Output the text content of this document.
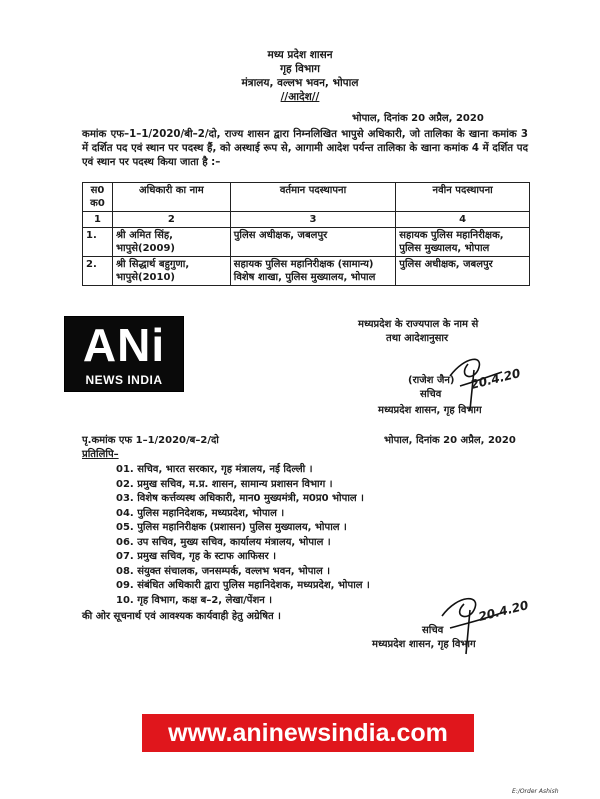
मध्य प्रदेश शासन
गृह विभाग
मंत्रालय, वल्लभ भवन, भोपाल
//आदेश//
भोपाल, दिनांक 20 अप्रैल, 2020
कमांक एफ–1–1/2020/बी–2/दो, राज्य शासन द्वारा निम्नलिखित भापुसे अधिकारी, जो तालिका के खाना कमांक 3 में दर्शित पद एवं स्थान पर पदस्थ हैं, को अस्थाई रूप से, आगामी आदेश पर्यन्त तालिका के खाना कमांक 4 में दर्शित पद एवं स्थान पर पदस्थ किया जाता है :–
स0 क0	अधिकारी का नाम	वर्तमान पदस्थापना	नवीन पदस्थापना
1	2	3	4
1.	श्री अमित सिंह, भापुसे(2009)	पुलिस अधीक्षक, जबलपुर	सहायक पुलिस महानिरीक्षक, पुलिस मुख्यालय, भोपाल
2.	श्री सिद्धार्थ बहुगुणा, भापुसे(2010)	सहायक पुलिस महानिरीक्षक (सामान्य) विशेष शाखा, पुलिस मुख्यालय, भोपाल	पुलिस अधीक्षक, जबलपुर
ANi
NEWS INDIA
मध्यप्रदेश के राज्यपाल के नाम से
तथा आदेशानुसार
(राजेश जैन) 20.4.20
सचिव
मध्यप्रदेश शासन, गृह विभाग
पृ.कमांक एफ 1–1/2020/ब–2/दो	भोपाल, दिनांक 20 अप्रैल, 2020
प्रतिलिपि–
01. सचिव, भारत सरकार, गृह मंत्रालय, नई दिल्ली ।
02. प्रमुख सचिव, म.प्र. शासन, सामान्य प्रशासन विभाग ।
03. विशेष कर्त्तव्यस्थ अधिकारी, मान0 मुख्यमंत्री, म0प्र0 भोपाल ।
04. पुलिस महानिदेशक, मध्यप्रदेश, भोपाल ।
05. पुलिस महानिरीक्षक (प्रशासन) पुलिस मुख्यालय, भोपाल ।
06. उप सचिव, मुख्य सचिव, कार्यालय मंत्रालय, भोपाल ।
07. प्रमुख सचिव, गृह के स्टाफ आफिसर ।
08. संयुक्त संचालक, जनसम्पर्क, वल्लभ भवन, भोपाल ।
09. संबंधित अधिकारी द्वारा पुलिस महानिदेशक, मध्यप्रदेश, भोपाल ।
10. गृह विभाग, कक्ष ब–2, लेखा/पेंशन ।
की ओर सूचनार्थ एवं आवश्यक कार्यवाही हेतु अग्रेषित ।	20.4.20
सचिव
मध्यप्रदेश शासन, गृह विभाग
www.aninewsindia.com
E:/Order Ashish
